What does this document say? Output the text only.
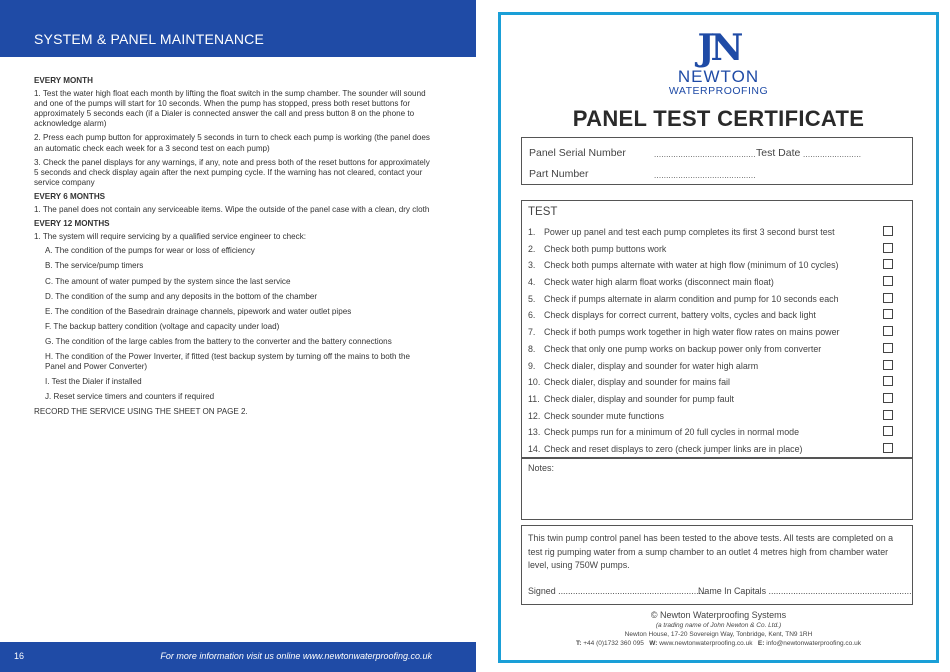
SYSTEM & PANEL MAINTENANCE
EVERY MONTH

1. Test the water high float each month by lifting the float switch in the sump chamber. The sounder will sound and one of the pumps will start for 10 seconds. When the pump has stopped, press both reset buttons for approximately 5 seconds each (if a Dialer is connected answer the call and press button 8 on the phone to acknowledge alarm)

2. Press each pump button for approximately 5 seconds in turn to check each pump is working (the panel does an automatic check each week for a 3 second test on each pump)

3. Check the panel displays for any warnings, if any, note and press both of the reset buttons for approximately 5 seconds and check display again after the next pumping cycle. If the warning has not cleared, contact your service company

EVERY 6 MONTHS

1. The panel does not contain any serviceable items. Wipe the outside of the panel case with a clean, dry cloth

EVERY 12 MONTHS

1. The system will require servicing by a qualified service engineer to check:

A. The condition of the pumps for wear or loss of efficiency
B. The service/pump timers
C. The amount of water pumped by the system since the last service
D. The condition of the sump and any deposits in the bottom of the chamber
E. The condition of the Basedrain drainage channels, pipework and water outlet pipes
F. The backup battery condition (voltage and capacity under load)
G. The condition of the large cables from the battery to the converter and the battery connections
H. The condition of the Power Inverter, if fitted (test backup system by turning off the mains to both the Panel and Power Converter)
I. Test the Dialer if installed
J. Reset service timers and counters if required
RECORD THE SERVICE USING THE SHEET ON PAGE 2.
16	For more information visit us online www.newtonwaterproofing.co.uk
JN
NEWTON
WATERPROOFING
PANEL TEST CERTIFICATE
Panel Serial Number	.......................................... Test Date ........................
Part Number	..........................................
TEST
1. Power up panel and test each pump completes its first 3 second burst test
2. Check both pump buttons work
3. Check both pumps alternate with water at high flow (minimum of 10 cycles)
4. Check water high alarm float works (disconnect main float)
5. Check if pumps alternate in alarm condition and pump for 10 seconds each
6. Check displays for correct current, battery volts, cycles and back light
7. Check if both pumps work together in high water flow rates on mains power
8. Check that only one pump works on backup power only from converter
9. Check dialer, display and sounder for water high alarm
10. Check dialer, display and sounder for mains fail
11. Check dialer, display and sounder for pump fault
12. Check sounder mute functions
13. Check pumps run for a minimum of 20 full cycles in normal mode
14. Check and reset displays to zero (check jumper links are in place)
Notes:
This twin pump control panel has been tested to the above tests. All tests are completed on a test rig pumping water from a sump chamber to an outlet 4 metres high from chamber water level, using 750W pumps.
Signed ............................................................
Name In Capitals ..........................................................
© Newton Waterproofing Systems
(a trading name of John Newton & Co. Ltd.)
Newton House, 17-20 Sovereign Way, Tonbridge, Kent, TN9 1RH
T: +44 (0)1732 360 095 W: www.newtonwaterproofing.co.uk E: info@newtonwaterproofing.co.uk
